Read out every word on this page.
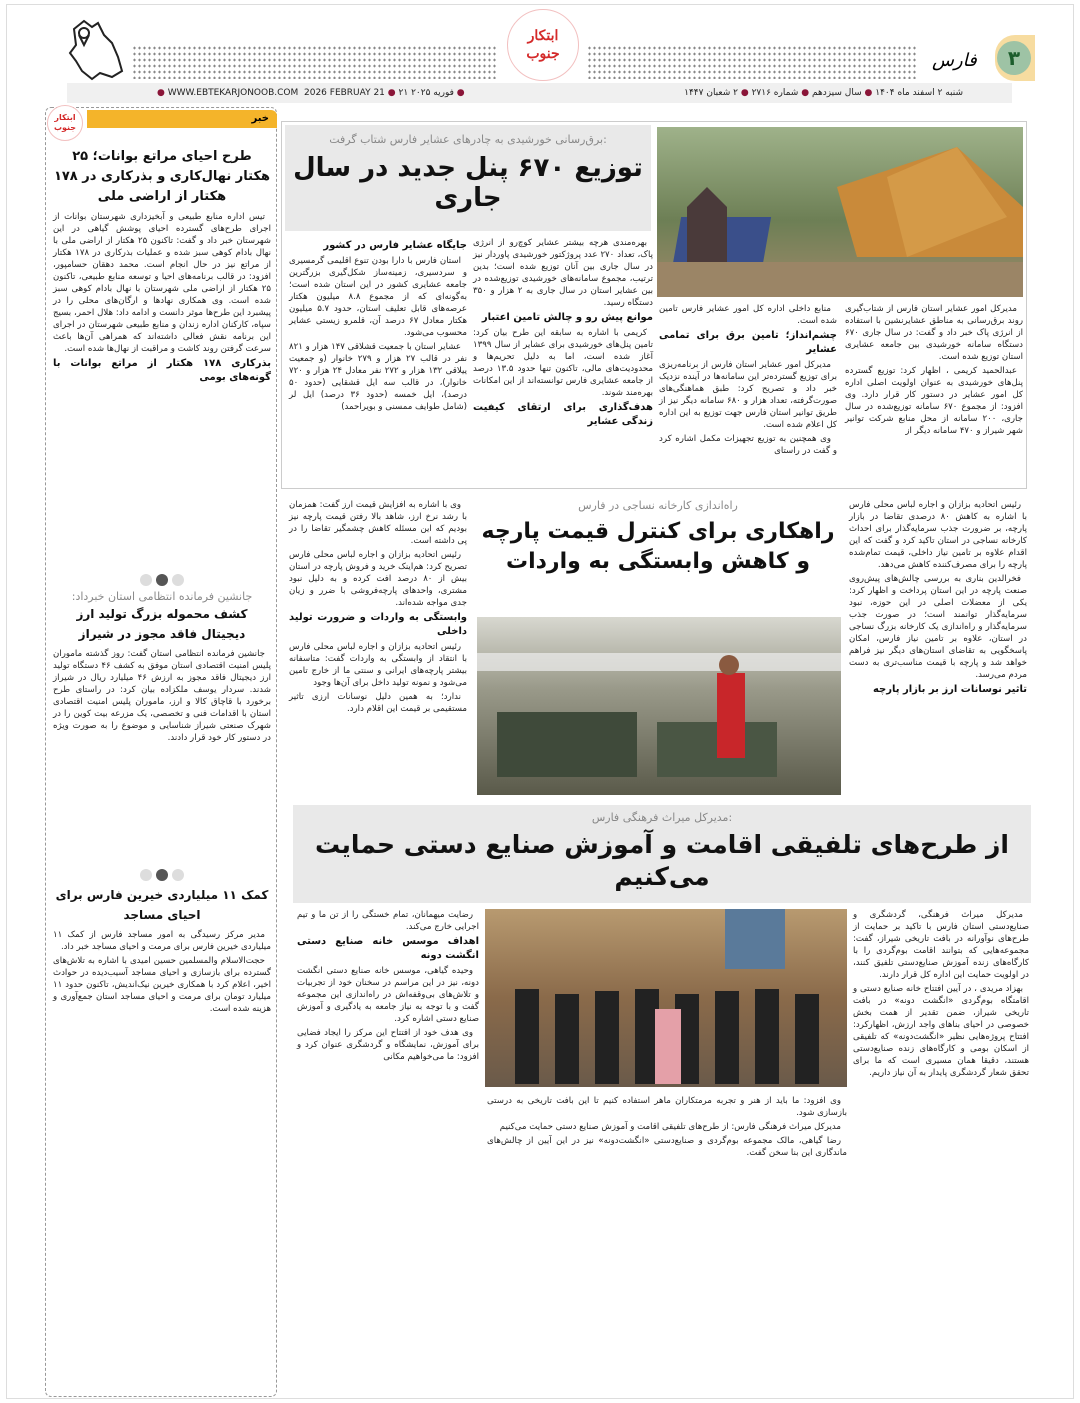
۳
فارس
ابتکار جنوب
شنبه ۲ اسفند ماه ۱۴۰۴ ● سال سیزدهم ● شماره ۲۷۱۶ ● ۲ شعبان ۱۴۴۷
● WWW.EBTEKARJONOOB.COM 2026 FEBRUAY 21 ● ۲۱ فوریه ۲۰۲۵ ●
خبر
ابتکار جنوب
طرح احیای مراتع بوانات؛ ۲۵ هکتار نهال‌کاری و بذرکاری در ۱۷۸ هکتار از اراضی ملی

تیس اداره منابع طبیعی و آبخیزداری شهرستان بوانات از اجرای طرح‌های گسترده احیای پوشش گیاهی در این شهرستان خبر داد و گفت: تاکنون ۲۵ هکتار از اراضی ملی با نهال بادام کوهی سبز شده و عملیات بذرکاری در ۱۷۸ هکتار از مراتع نیز در حال انجام است. محمد دهقان حسامپور، افزود: در قالب برنامه‌های احیا و توسعه منابع طبیعی، تاکنون ۲۵ هکتار از اراضی ملی شهرستان با نهال بادام کوهی سبز شده است. وی همکاری نهادها و ارگان‌های محلی را در پیشبرد این طرح‌ها موثر دانست و ادامه داد: هلال احمر، بسیج سپاه، کارکنان اداره زندان و منابع طبیعی شهرستان در اجرای این برنامه نقش فعالی داشته‌اند که همراهی آن‌ها باعث سرعت گرفتن روند کاشت و مراقبت از نهال‌ها شده است.

بذرکاری ۱۷۸ هکتار از مراتع بوانات با گونه‌های بومی
جانشین فرمانده انتظامی استان خبرداد:
کشف محموله بزرگ تولید ارز دیجیتال فاقد مجوز در شیراز

جانشین فرمانده انتظامی استان گفت: روز گذشته ماموران پلیس امنیت اقتصادی استان موفق به کشف ۴۶ دستگاه تولید ارز دیجیتال فاقد مجوز به ارزش ۴۶ میلیارد ریال در شیراز شدند. سردار یوسف ملکزاده بیان کرد: در راستای طرح برخورد با قاچاق کالا و ارز، ماموران پلیس امنیت اقتصادی استان با اقدامات فنی و تخصصی، یک مزرعه بیت کوین را در شهرک صنعتی شیراز شناسایی و موضوع را به صورت ویژه در دستور کار خود قرار دادند.

کمک ۱۱ میلیاردی خیرین فارس برای احیای مساجد

مدیر مرکز رسیدگی به امور مساجد فارس از کمک ۱۱ میلیاردی خیرین فارس برای مرمت و احیای مساجد خبر داد.

حجت‌الاسلام والمسلمین حسین امیدی با اشاره به تلاش‌های گسترده برای بازسازی و احیای مساجد آسیب‌دیده در حوادث اخیر، اعلام کرد با همکاری خیرین نیک‌اندیش، تاکنون حدود ۱۱ میلیارد تومان برای مرمت و احیای مساجد استان جمع‌آوری و هزینه شده است.

برق‌رسانی خورشیدی به چادرهای عشایر فارس شتاب گرفت:
توزیع ۶۷۰ پنل جدید در سال جاری

مدیرکل امور عشایر استان فارس از شتاب‌گیری روند برق‌رسانی به مناطق عشایرنشین با استفاده از انرژی پاک خبر داد و گفت: در سال جاری ۶۷۰ دستگاه سامانه خورشیدی بین جامعه عشایری استان توزیع شده است.

عبدالحمید کریمی ، اظهار کرد: توزیع گسترده پنل‌های خورشیدی به عنوان اولویت اصلی اداره کل امور عشایر در دستور کار قرار دارد. وی افزود: از مجموع ۶۷۰ سامانه توزیع‌شده در سال جاری، ۲۰۰ سامانه از محل منابع شرکت توانیر شهر شیراز و ۴۷۰ سامانه دیگر از

منابع داخلی اداره کل امور عشایر فارس تامین شده است.

چشم‌انداز؛ تامین برق برای تمامی عشایر

مدیرکل امور عشایر استان فارس از برنامه‌ریزی برای توزیع گسترده‌تر این سامانه‌ها در آینده نزدیک خبر داد و تصریح کرد: طبق هماهنگی‌های صورت‌گرفته، تعداد هزار و ۶۸۰ سامانه دیگر نیز از طریق توانیر استان فارس جهت توزیع به این اداره کل اعلام شده است.

وی همچنین به توزیع تجهیزات مکمل اشاره کرد و گفت در راستای

بهره‌مندی هرچه بیشتر عشایر کوچ‌رو از انرژی پاک، تعداد ۲۷۰ عدد پروژکتور خورشیدی پاوردار نیز در سال جاری بین آنان توزیع شده است؛ بدین ترتیب، مجموع سامانه‌های خورشیدی توزیع‌شده در بین عشایر استان در سال جاری به ۲ هزار و ۳۵۰ دستگاه رسید.

موانع پیش رو و چالش تامین اعتبار

کریمی با اشاره به سابقه این طرح بیان کرد: تامین پنل‌های خورشیدی برای عشایر از سال ۱۳۹۹ آغاز شده است، اما به دلیل تحریم‌ها و محدودیت‌های مالی، تاکنون تنها حدود ۱۳.۵ درصد از جامعه عشایری فارس توانسته‌اند از این امکانات بهره‌مند شوند.

هدف‌گذاری برای ارتقای کیفیت زندگی عشایر
جایگاه عشایر فارس در کشور

استان فارس با دارا بودن تنوع اقلیمی گرمسیری و سردسیری، زمینه‌ساز شکل‌گیری بزرگترین جامعه عشایری کشور در این استان شده است؛ به‌گونه‌ای که از مجموع ۸.۸ میلیون هکتار عرصه‌های قابل تعلیف استان، حدود ۵.۷ میلیون هکتار معادل ۶۷ درصد آن، قلمرو زیستی عشایر محسوب می‌شود.

عشایر استان با جمعیت قشلاقی ۱۴۷ هزار و ۸۲۱ نفر در قالب ۲۷ هزار و ۲۷۹ خانوار (و جمعیت ییلاقی ۱۳۲ هزار و ۲۷۲ نفر معادل ۲۴ هزار و ۷۲۰ خانوار)، در قالب سه ایل قشقایی (حدود ۵۰ درصد)، ایل خمسه (حدود ۳۶ درصد) ایل لر (شامل طوایف ممسنی و بویراحمد)

راه‌اندازی کارخانه نساجی در فارس
راهکاری برای کنترل قیمت پارچه و کاهش وابستگی به واردات

رئیس اتحادیه بزازان و اجاره لباس محلی فارس با اشاره به کاهش ۸۰ درصدی تقاضا در بازار پارچه، بر ضرورت جذب سرمایه‌گذار برای احداث کارخانه نساجی در استان تاکید کرد و گفت که این اقدام علاوه بر تامین نیاز داخلی، قیمت تمام‌شده پارچه را برای مصرف‌کننده کاهش می‌دهد.

فخرالدین بناری به بررسی چالش‌های پیش‌روی صنعت پارچه در این استان پرداخت و اظهار کرد: یکی از معضلات اصلی در این حوزه، نبود سرمایه‌گذار توانمند است؛ در صورت جذب سرمایه‌گذار و راه‌اندازی یک کارخانه بزرگ نساجی در استان، علاوه بر تامین نیاز فارس، امکان پاسخگویی به تقاضای استان‌های دیگر نیز فراهم خواهد شد و پارچه با قیمت مناسب‌تری به دست مردم می‌رسد.

تاثیر نوسانات ارز بر بازار پارچه

وی با اشاره به افزایش قیمت ارز گفت: همزمان با رشد نرخ ارز، شاهد بالا رفتن قیمت پارچه نیز بودیم که این مسئله کاهش چشمگیر تقاضا را در پی داشته است.

رئیس اتحادیه بزازان و اجاره لباس محلی فارس تصریح کرد: هم‌اینک خرید و فروش پارچه در استان بیش از ۸۰ درصد افت کرده و به دلیل نبود مشتری، واحدهای پارچه‌فروشی با ضرر و زیان جدی مواجه شده‌اند.

وابستگی به واردات و ضرورت تولید داخلی

رئیس اتحادیه بزازان و اجاره لباس محلی فارس با انتقاد از وابستگی به واردات گفت: متاسفانه بیشتر پارچه‌های ایرانی و سنتی ما از خارج تامین می‌شود و نمونه تولید داخل برای آن‌ها وجود

ندارد؛ به همین دلیل نوسانات ارزی تاثیر مستقیمی بر قیمت این اقلام دارد.

مدیرکل میراث فرهنگی فارس:
از طرح‌های تلفیقی اقامت و آموزش صنایع دستی حمایت می‌کنیم

مدیرکل میراث فرهنگی، گردشگری و صنایع‌دستی استان فارس با تاکید بر حمایت از طرح‌های نوآورانه در بافت تاریخی شیراز، گفت: مجموعه‌هایی که بتوانند اقامت بوم‌گردی را با کارگاه‌های زنده آموزش صنایع‌دستی تلفیق کنند، در اولویت حمایت این اداره کل قرار دارند.

بهزاد مریدی ، در آیین افتتاح خانه صنایع دستی و اقامتگاه بوم‌گردی «انگشت دونه» در بافت تاریخی شیراز، ضمن تقدیر از همت بخش خصوصی در احیای بناهای واجد ارزش، اظهارکرد: افتتاح پروژه‌هایی نظیر «انگشت‌دونه» که تلفیقی از اسکان بومی و کارگاه‌های زنده صنایع‌دستی هستند، دقیقا همان مسیری است که ما برای تحقق شعار گردشگری پایدار به آن نیاز داریم.

وی افزود: ما باید از هنر و تجربه مرمتکاران ماهر استفاده کنیم تا این بافت تاریخی به درستی بازسازی شود.

مدیرکل میراث فرهنگی فارس: از طرح‌های تلفیقی اقامت و آموزش صنایع دستی حمایت می‌کنیم

رضا گیاهی، مالک مجموعه بوم‌گردی و صنایع‌دستی «انگشت‌دونه» نیز در این آیین از چالش‌های ماندگاری این بنا سخن گفت.

رضایت میهمانان، تمام خستگی را از تن ما و تیم اجرایی خارج می‌کند.

اهداف موسس خانه صنایع دستی انگشت دونه

وحیده گیاهی، موسس خانه صنایع دستی انگشت دونه، نیز در این مراسم در سخنان خود از تجربیات و تلاش‌های بی‌وقفه‌اش در راه‌اندازی این مجموعه گفت و با توجه به نیاز جامعه به یادگیری و آموزش صنایع دستی اشاره کرد.

وی هدف خود از افتتاح این مرکز را ایجاد فضایی برای آموزش، نمایشگاه و گردشگری عنوان کرد و افزود: ما می‌خواهیم مکانی
